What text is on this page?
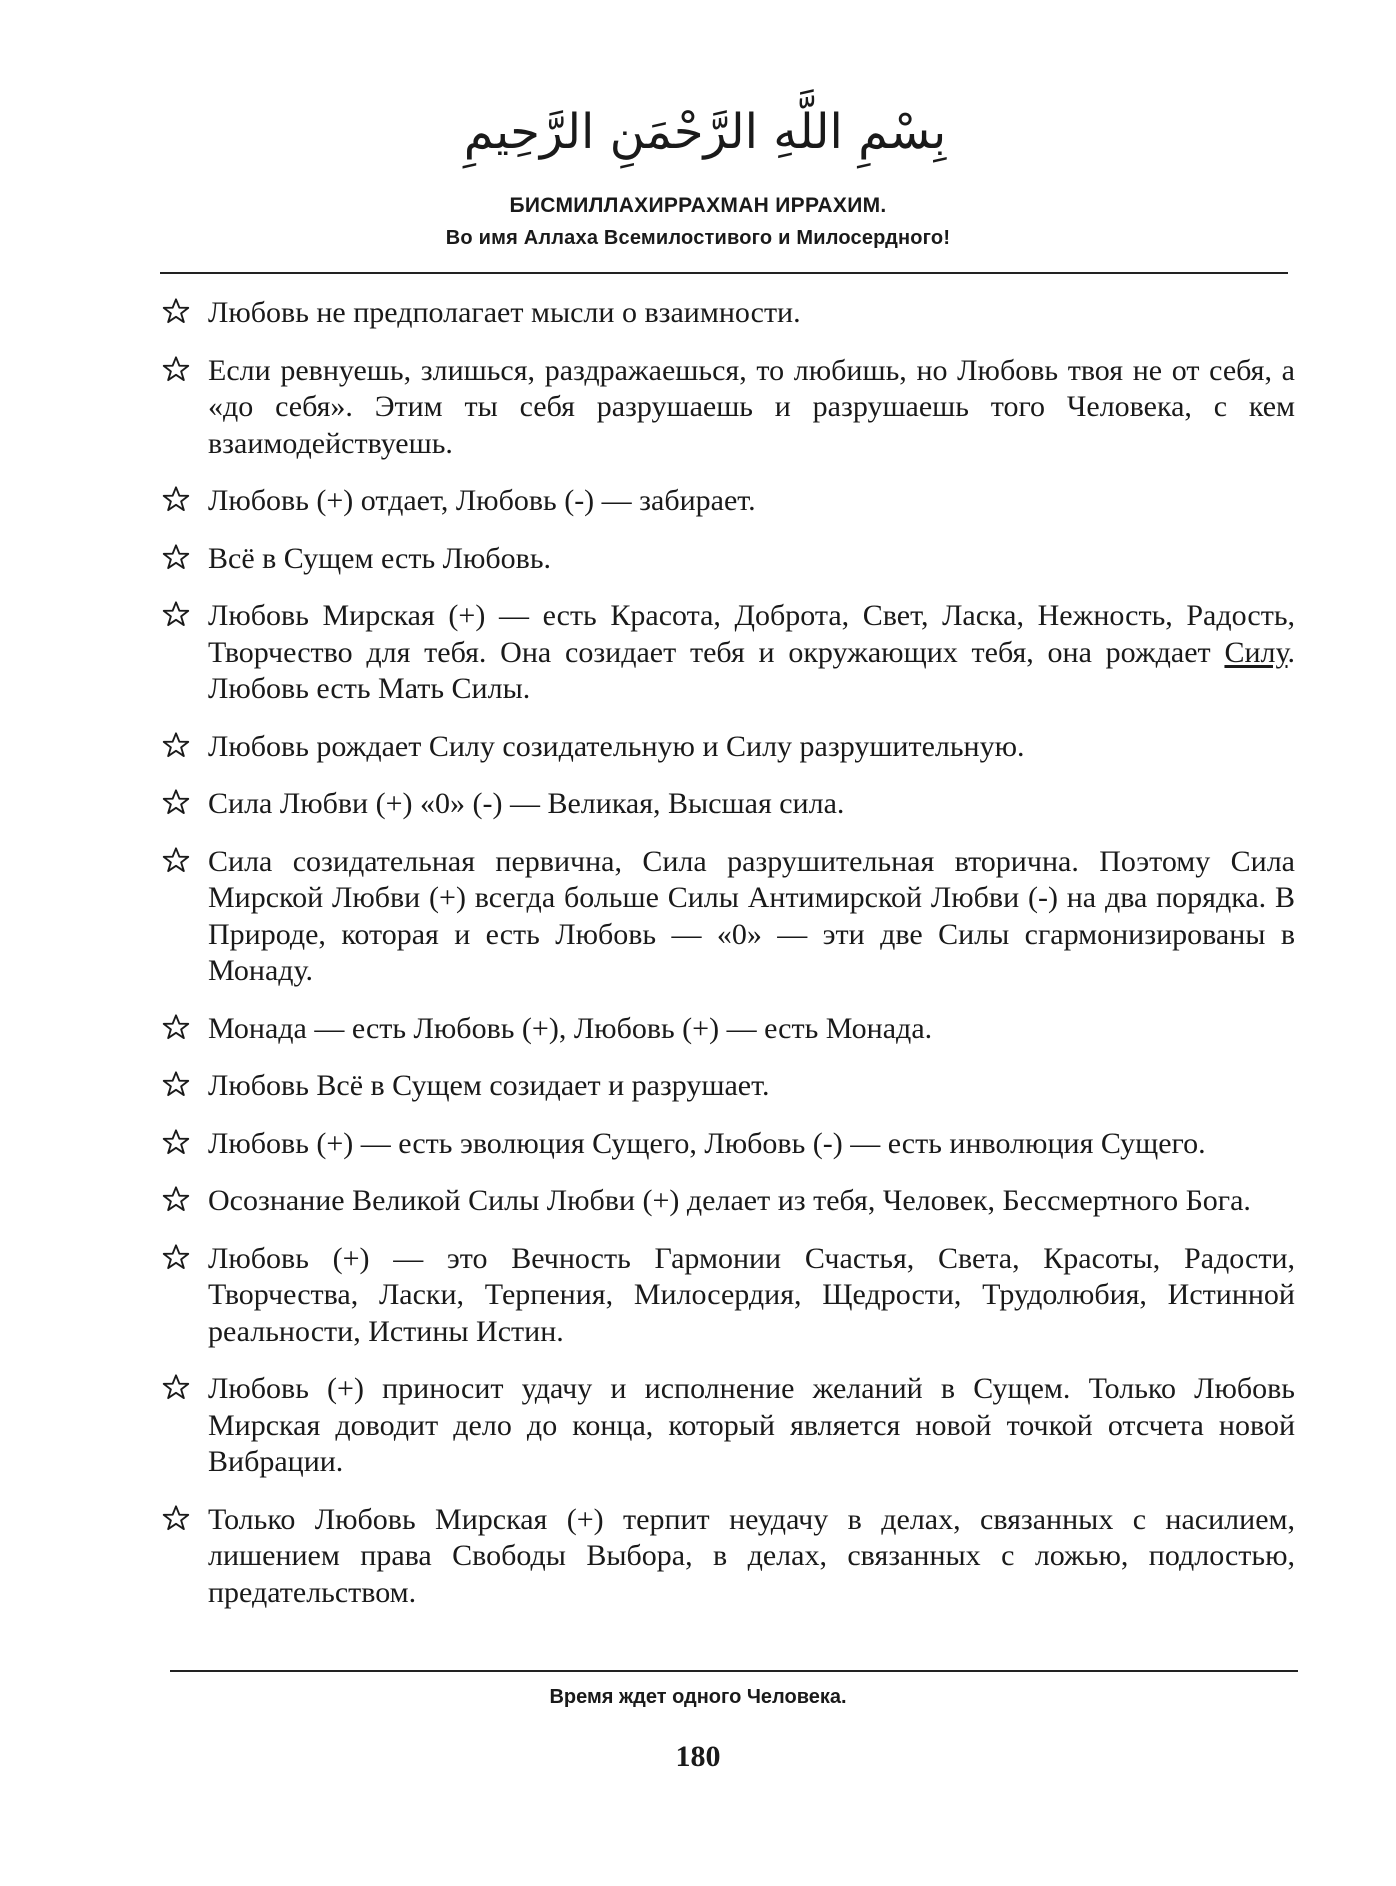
بِسْمِ اللَّهِ الرَّحْمَنِ الرَّحِيمِ
БИСМИЛЛАХИРРАХМАН ИРРАХИМ.
Во имя Аллаха Всемилостивого и Милосердного!
Любовь не предполагает мысли о взаимности.
Если ревнуешь, злишься, раздражаешься, то любишь, но Любовь твоя не от себя, а «до себя». Этим ты себя разрушаешь и разрушаешь того Человека, с кем взаимодействуешь.
Любовь (+) отдает, Любовь (-) — забирает.
Всё в Сущем есть Любовь.
Любовь Мирская (+) — есть Красота, Доброта, Свет, Ласка, Нежность, Радость, Творчество для тебя. Она созидает тебя и окружающих тебя, она рождает Силу. Любовь есть Мать Силы.
Любовь рождает Силу созидательную и Силу разрушительную.
Сила Любви (+) «0» (-) — Великая, Высшая сила.
Сила созидательная первична, Сила разрушительная вторична. Поэтому Сила Мирской Любви (+) всегда больше Силы Антимирской Любви (-) на два порядка. В Природе, которая и есть Любовь — «0» — эти две Силы сгармонизированы в Монаду.
Монада — есть Любовь (+), Любовь (+) — есть Монада.
Любовь Всё в Сущем созидает и разрушает.
Любовь (+) — есть эволюция Сущего, Любовь (-) — есть инволюция Сущего.
Осознание Великой Силы Любви (+) делает из тебя, Человек, Бессмертного Бога.
Любовь (+) — это Вечность Гармонии Счастья, Света, Красоты, Радости, Творчества, Ласки, Терпения, Милосердия, Щедрости, Трудолюбия, Истинной реальности, Истины Истин.
Любовь (+) приносит удачу и исполнение желаний в Сущем. Только Любовь Мирская доводит дело до конца, который является новой точкой отсчета новой Вибрации.
Только Любовь Мирская (+) терпит неудачу в делах, связанных с насилием, лишением права Свободы Выбора, в делах, связанных с ложью, подлостью, предательством.
Время ждет одного Человека.
180
